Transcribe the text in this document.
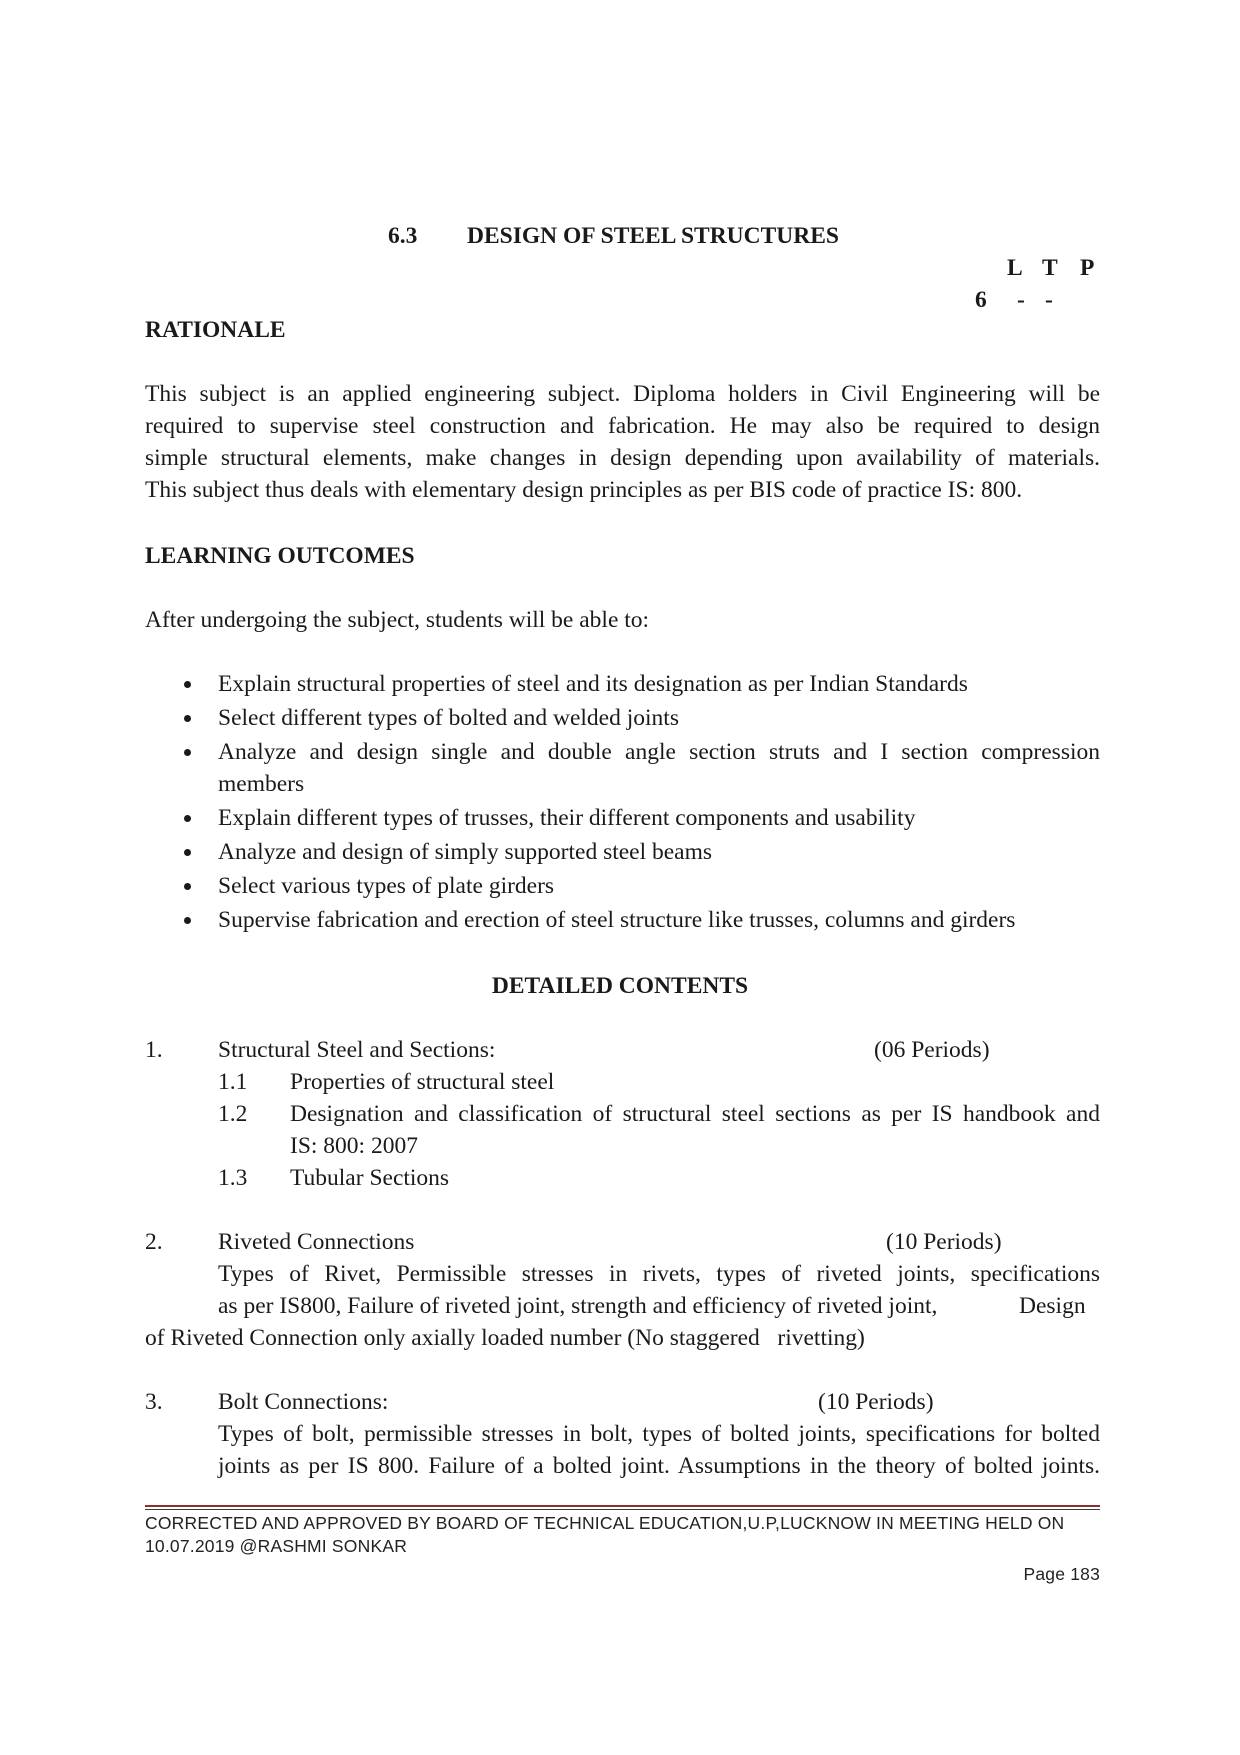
6.3 DESIGN OF STEEL STRUCTURES
L T P
6 - -
RATIONALE
This subject is an applied engineering subject. Diploma holders in Civil Engineering will be
required to supervise steel construction and fabrication. He may also be required to design
simple structural elements, make changes in design depending upon availability of materials.
This subject thus deals with elementary design principles as per BIS code of practice IS: 800.
LEARNING OUTCOMES
After undergoing the subject, students will be able to:
Explain structural properties of steel and its designation as per Indian Standards
Select different types of bolted and welded joints
Analyze and design single and double angle section struts and I section compression
members
Explain different types of trusses, their different components and usability
Analyze and design of simply supported steel beams
Select various types of plate girders
Supervise fabrication and erection of steel structure like trusses, columns and girders
DETAILED CONTENTS
1. Structural Steel and Sections:	(06 Periods)
1.1 Properties of structural steel
1.2 Designation and classification of structural steel sections as per IS handbook and
IS: 800: 2007
1.3 Tubular Sections
2. Riveted Connections	(10 Periods)
Types of Rivet, Permissible stresses in rivets, types of riveted joints, specifications
as per IS800, Failure of riveted joint, strength and efficiency of riveted joint,	Design
of Riveted Connection only axially loaded number (No staggered   rivetting)
3. Bolt Connections:	(10 Periods)
Types of bolt, permissible stresses in bolt, types of bolted joints, specifications for bolted
joints as per IS 800. Failure of a bolted joint. Assumptions in the theory of bolted joints.
CORRECTED AND APPROVED BY BOARD OF TECHNICAL EDUCATION,U.P,LUCKNOW IN MEETING HELD ON
10.07.2019 @RASHMI SONKAR
Page 183
